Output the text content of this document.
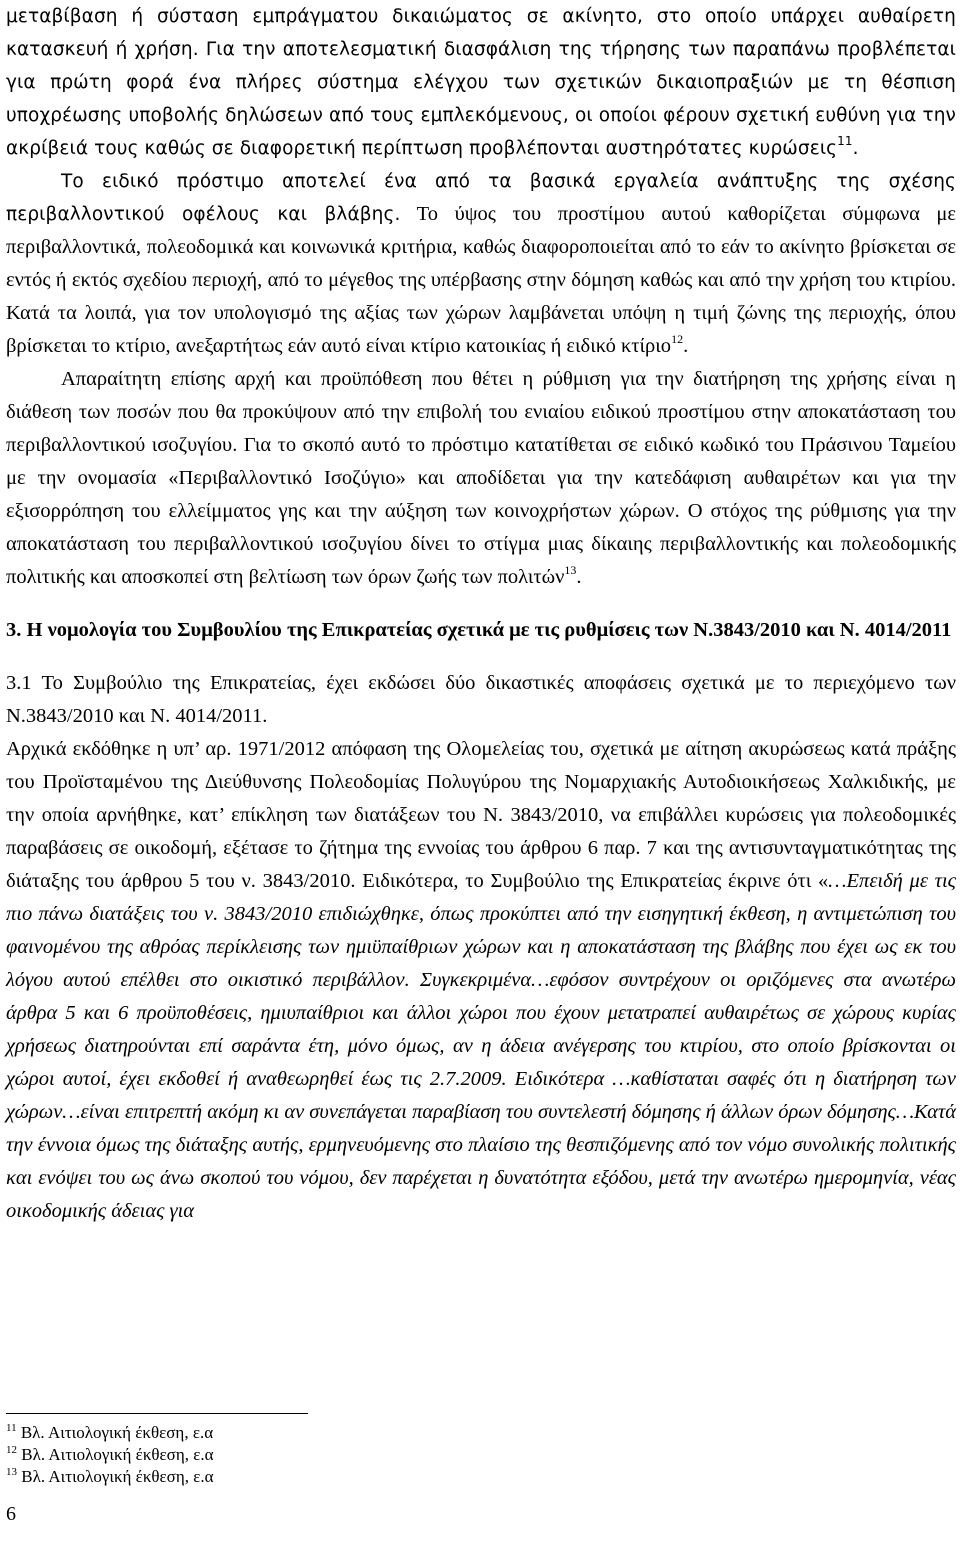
μεταβίβαση ή σύσταση εμπράγματου δικαιώματος σε ακίνητο, στο οποίο υπάρχει αυθαίρετη κατασκευή ή χρήση. Για την αποτελεσματική διασφάλιση της τήρησης των παραπάνω προβλέπεται για πρώτη φορά ένα πλήρες σύστημα ελέγχου των σχετικών δικαιοπραξιών με τη θέσπιση υποχρέωσης υποβολής δηλώσεων από τους εμπλεκόμενους, οι οποίοι φέρουν σχετική ευθύνη για την ακρίβειά τους καθώς σε διαφορετική περίπτωση προβλέπονται αυστηρότατες κυρώσεις$^{11}$.

Το ειδικό πρόστιμο αποτελεί ένα από τα βασικά εργαλεία ανάπτυξης της σχέσης περιβαλλοντικού οφέλους και βλάβης. Το ύψος του προστίμου αυτού καθορίζεται σύμφωνα με περιβαλλοντικά, πολεοδομικά και κοινωνικά κριτήρια, καθώς διαφοροποιείται από το εάν το ακίνητο βρίσκεται σε εντός ή εκτός σχεδίου περιοχή, από το μέγεθος της υπέρβασης στην δόμηση καθώς και από την χρήση του κτιρίου. Κατά τα λοιπά, για τον υπολογισμό της αξίας των χώρων λαμβάνεται υπόψη η τιμή ζώνης της περιοχής, όπου βρίσκεται το κτίριο, ανεξαρτήτως εάν αυτό είναι κτίριο κατοικίας ή ειδικό κτίριο$^{12}$.

Απαραίτητη επίσης αρχή και προϋπόθεση που θέτει η ρύθμιση για την διατήρηση της χρήσης είναι η διάθεση των ποσών που θα προκύψουν από την επιβολή του ενιαίου ειδικού προστίμου στην αποκατάσταση του περιβαλλοντικού ισοζυγίου. Για το σκοπό αυτό το πρόστιμο κατατίθεται σε ειδικό κωδικό του Πράσινου Ταμείου με την ονομασία «Περιβαλλοντικό Ισοζύγιο» και αποδίδεται για την κατεδάφιση αυθαιρέτων και για την εξισορρόπηση του ελλείμματος γης και την αύξηση των κοινοχρήστων χώρων. Ο στόχος της ρύθμισης για την αποκατάσταση του περιβαλλοντικού ισοζυγίου δίνει το στίγμα μιας δίκαιης περιβαλλοντικής και πολεοδομικής πολιτικής και αποσκοπεί στη βελτίωση των όρων ζωής των πολιτών$^{13}$.

3. Η νομολογία του Συμβουλίου της Επικρατείας σχετικά με τις ρυθμίσεις των Ν.3843/2010 και Ν. 4014/2011

3.1 Το Συμβούλιο της Επικρατείας, έχει εκδώσει δύο δικαστικές αποφάσεις σχετικά με το περιεχόμενο των Ν.3843/2010 και Ν. 4014/2011.

Αρχικά εκδόθηκε η υπ’ αρ. 1971/2012 απόφαση της Ολομελείας του, σχετικά με αίτηση ακυρώσεως κατά πράξης του Προϊσταμένου της Διεύθυνσης Πολεοδομίας Πολυγύρου της Νομαρχιακής Αυτοδιοικήσεως Χαλκιδικής, με την οποία αρνήθηκε, κατ’ επίκληση των διατάξεων του Ν. 3843/2010, να επιβάλλει κυρώσεις για πολεοδομικές παραβάσεις σε οικοδομή, εξέτασε το ζήτημα της εννοίας του άρθρου 6 παρ. 7 και της αντισυνταγματικότητας της διάταξης του άρθρου 5 του ν. 3843/2010. Ειδικότερα, το Συμβούλιο της Επικρατείας έκρινε ότι «…Επειδή με τις πιο πάνω διατάξεις του ν. 3843/2010 επιδιώχθηκε, όπως προκύπτει από την εισηγητική έκθεση, η αντιμετώπιση του φαινομένου της αθρόας περίκλεισης των ημιϋπαίθριων χώρων και η αποκατάσταση της βλάβης που έχει ως εκ του λόγου αυτού επέλθει στο οικιστικό περιβάλλον. Συγκεκριμένα…εφόσον συντρέχουν οι οριζόμενες στα ανωτέρω άρθρα 5 και 6 προϋποθέσεις, ημιυπαίθριοι και άλλοι χώροι που έχουν μετατραπεί αυθαιρέτως σε χώρους κυρίας χρήσεως διατηρούνται επί σαράντα έτη, μόνο όμως, αν η άδεια ανέγερσης του κτιρίου, στο οποίο βρίσκονται οι χώροι αυτοί, έχει εκδοθεί ή αναθεωρηθεί έως τις 2.7.2009. Ειδικότερα …καθίσταται σαφές ότι η διατήρηση των χώρων…είναι επιτρεπτή ακόμη κι αν συνεπάγεται παραβίαση του συντελεστή δόμησης ή άλλων όρων δόμησης…Κατά την έννοια όμως της διάταξης αυτής, ερμηνευόμενης στο πλαίσιο της θεσπιζόμενης από τον νόμο συνολικής πολιτικής και ενόψει του ως άνω σκοπού του νόμου, δεν παρέχεται η δυνατότητα εξόδου, μετά την ανωτέρω ημερομηνία, νέας οικοδομικής άδειας για

$^{11}$ Βλ. Αιτιολογική έκθεση, ε.α
$^{12}$ Βλ. Αιτιολογική έκθεση, ε.α
$^{13}$ Βλ. Αιτιολογική έκθεση, ε.α
6
